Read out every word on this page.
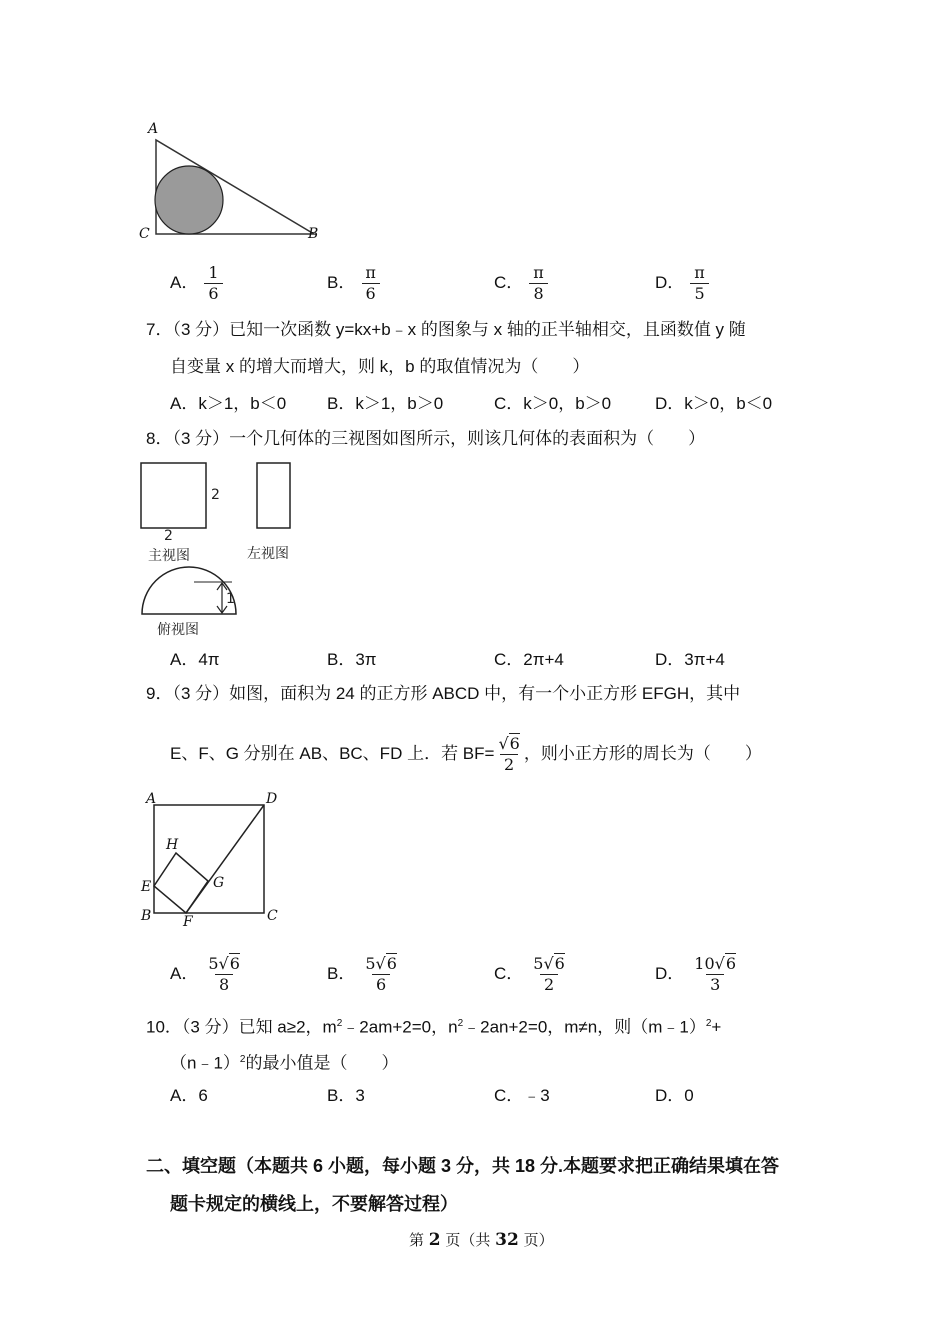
A
C	B
A． $\frac{1}{6}$	B． $\frac{\pi}{6}$	C． $\frac{\pi}{8}$	D． $\frac{\pi}{5}$
7．（3 分）已知一次函数 y=kx+b﹣x 的图象与 x 轴的正半轴相交，且函数值 y 随
自变量 x 的增大而增大，则 k，b 的取值情况为（　　）
A．k＞1，b＜0 B．k＞1，b＞0	C．k＞0，b＞0	D．k＞0，b＜0
8．（3 分）一个几何体的三视图如图所示，则该几何体的表面积为（　　）
2
2
主视图	左视图
1
俯视图
A．4π	B．3π	C．2π+4	D．3π+4
9．（3 分）如图，面积为 24 的正方形 ABCD 中，有一个小正方形 EFGH，其中
E、F、G 分别在 AB、BC、FD 上．若 $BF= \frac{√6}{2}$ ，则小正方形的周长为（　　）
A	D
H
E	G
B F	C
A． $\frac{5√6}{8}$	B． $\frac{5√6}{6}$	C． $\frac{5√6}{2}$	D． $\frac{10√6}{3}$
10．（3 分）已知 a≥2，$m^2﹣2am+2=0$，$n^2﹣2an+2=0$，m≠n，则（m﹣1）$^2$+
（n﹣1）$^2$的最小值是（　　）
A．6	B．3	C．﹣3	D．0
二、填空题（本题共 6 小题，每小题 3 分，共 18 分.本题要求把正确结果填在答
题卡规定的横线上，不要解答过程）
第 2 页（共 32 页）
